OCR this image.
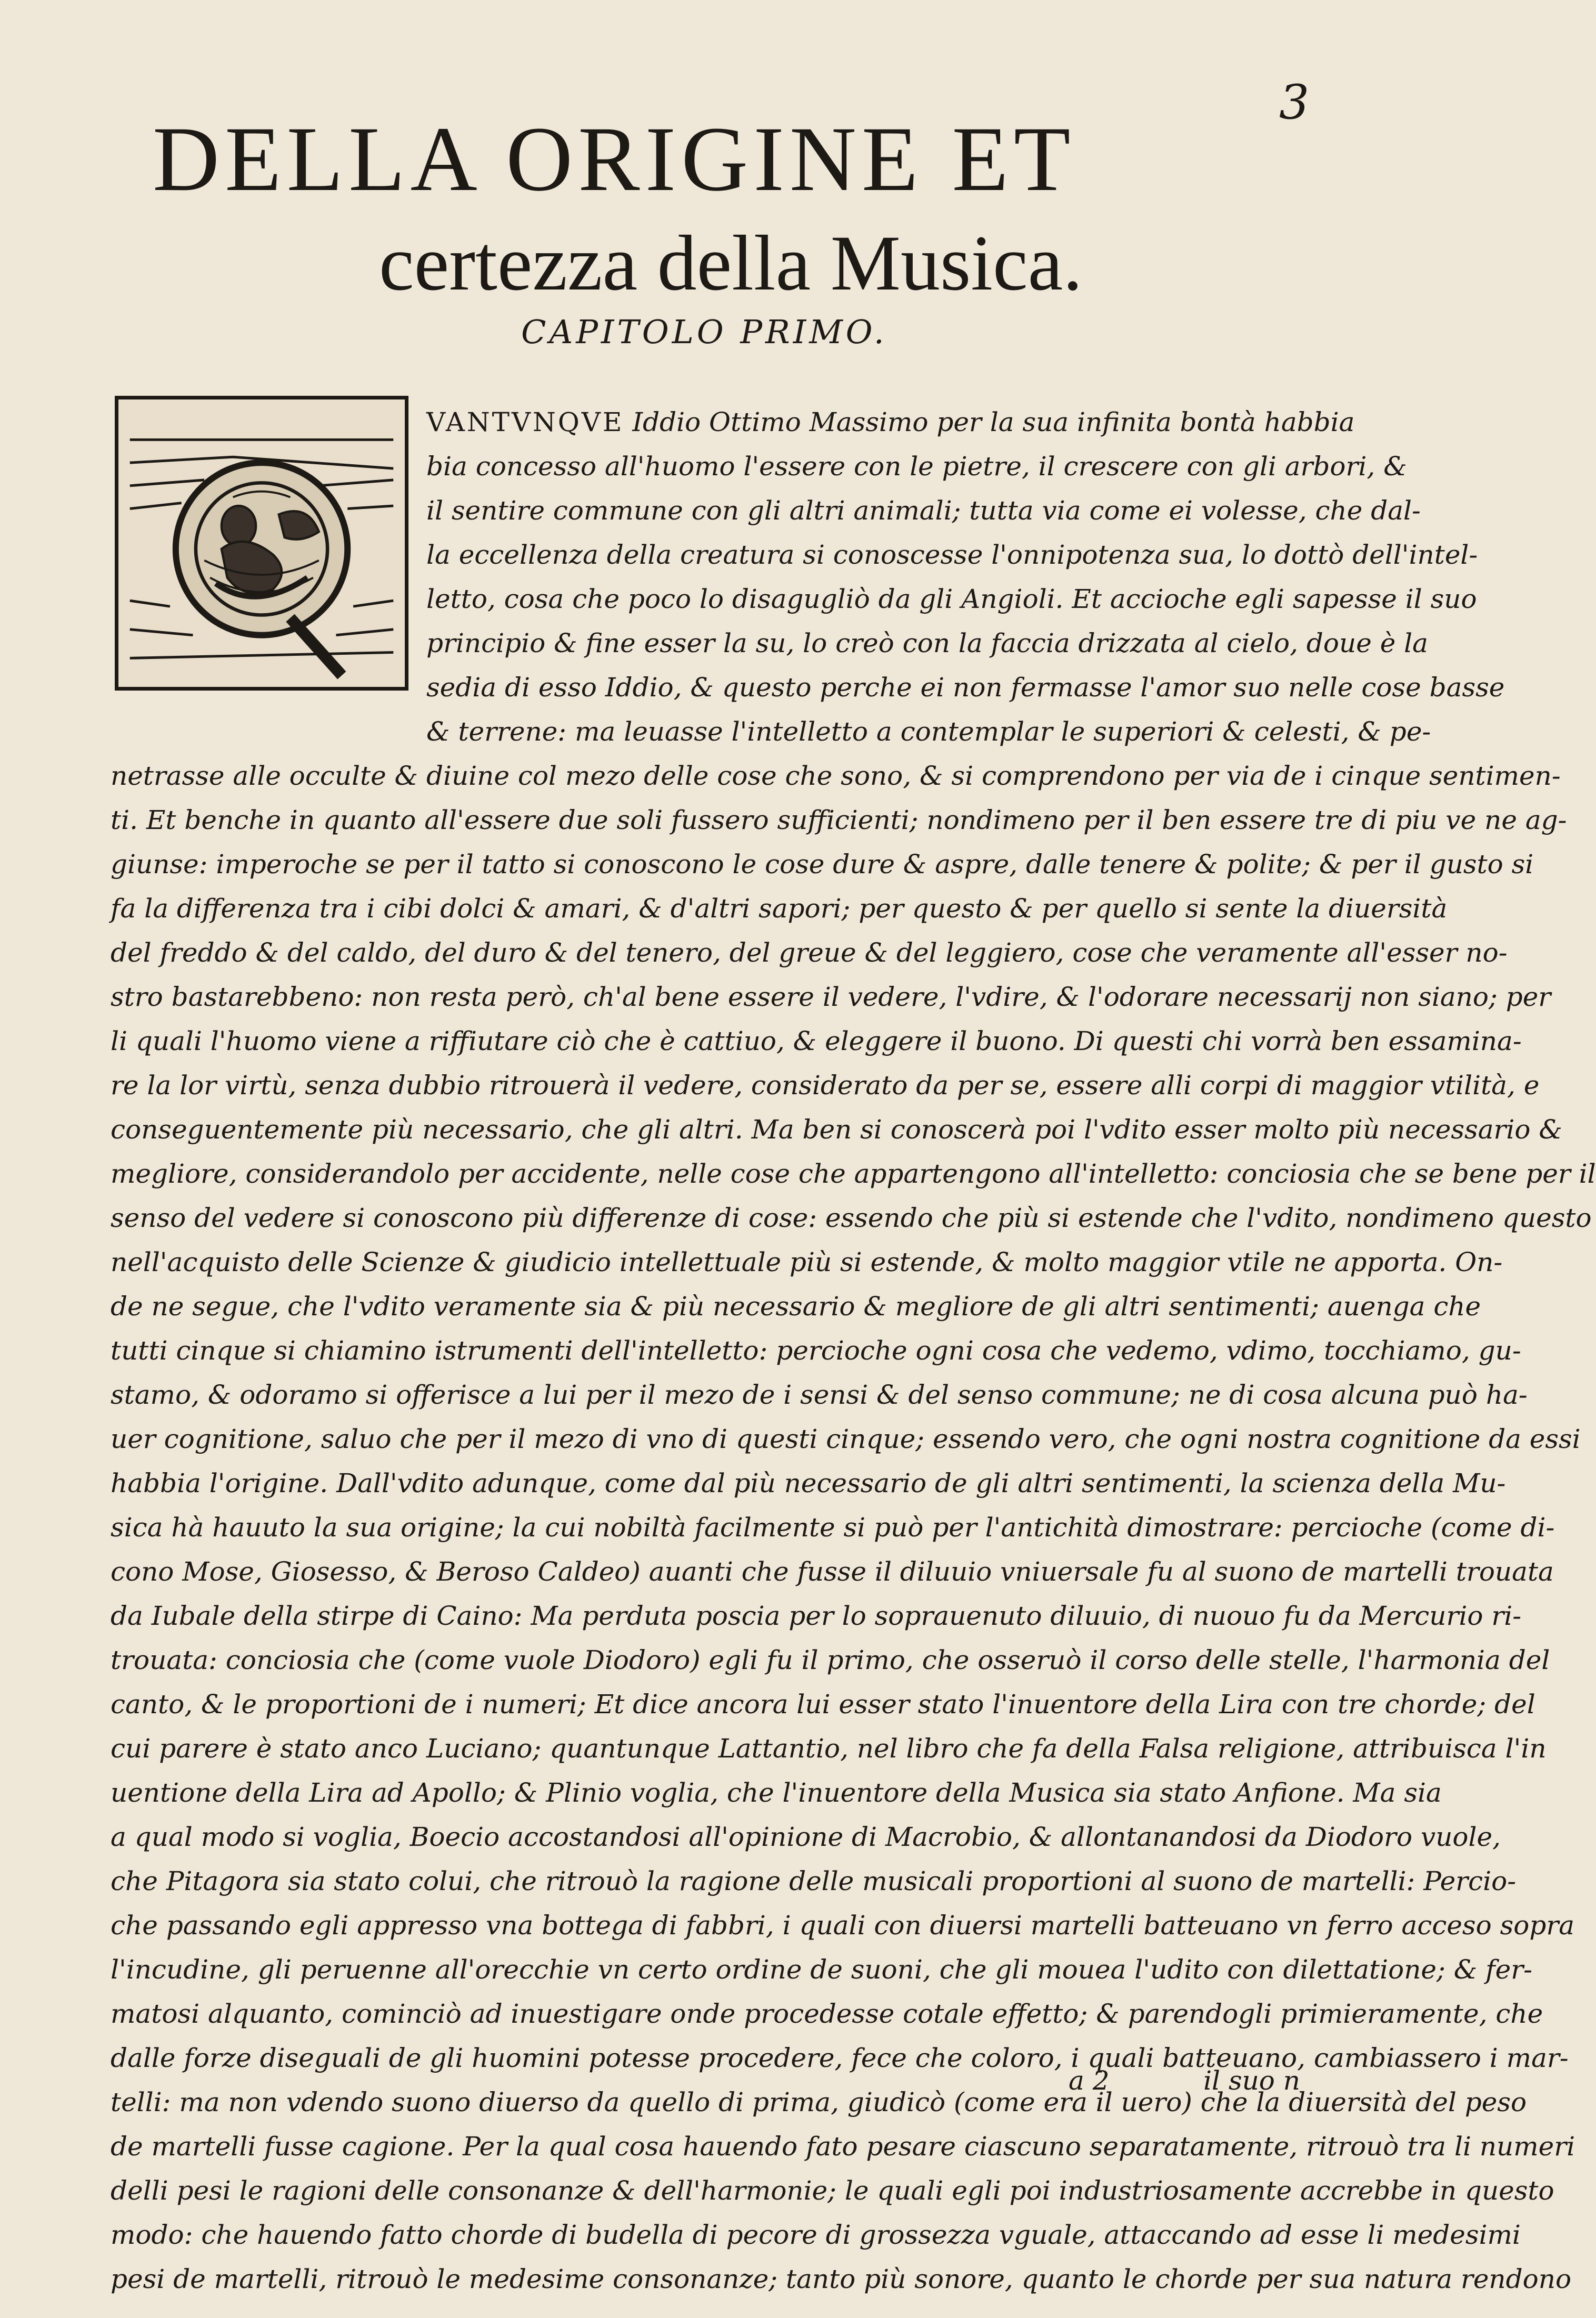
3
DELLA ORIGINE ET
certezza della Musica.
CAPITOLO PRIMO.
VANTVNQVE Iddio Ottimo Massimo per la sua infinita bontà habbia
bia concesso all'huomo l'essere con le pietre, il crescere con gli arbori, &
il sentire commune con gli altri animali; tutta via come ei volesse, che dal-
la eccellenza della creatura si conoscesse l'onnipotenza sua, lo dottò dell'intel-
letto, cosa che poco lo disagugliò da gli Angioli. Et accioche egli sapesse il suo
principio & fine esser la su, lo creò con la faccia drizzata al cielo, doue è la
sedia di esso Iddio, & questo perche ei non fermasse l'amor suo nelle cose basse
& terrene: ma leuasse l'intelletto a contemplar le superiori & celesti, & pe-
netrasse alle occulte & diuine col mezo delle cose che sono, & si comprendono per via de i cinque sentimen-
ti. Et benche in quanto all'essere due soli fussero sufficienti; nondimeno per il ben essere tre di piu ve ne ag-
giunse: imperoche se per il tatto si conoscono le cose dure & aspre, dalle tenere & polite; & per il gusto si
fa la differenza tra i cibi dolci & amari, & d'altri sapori; per questo & per quello si sente la diuersità
del freddo & del caldo, del duro & del tenero, del greue & del leggiero, cose che veramente all'esser no-
stro bastarebbeno: non resta però, ch'al bene essere il vedere, l'vdire, & l'odorare necessarij non siano; per
li quali l'huomo viene a riffiutare ciò che è cattiuo, & eleggere il buono. Di questi chi vorrà ben essamina-
re la lor virtù, senza dubbio ritrouerà il vedere, considerato da per se, essere alli corpi di maggior vtilità, e
conseguentemente più necessario, che gli altri. Ma ben si conoscerà poi l'vdito esser molto più necessario &
megliore, considerandolo per accidente, nelle cose che appartengono all'intelletto: conciosia che se bene per il
senso del vedere si conoscono più differenze di cose: essendo che più si estende che l'vdito, nondimeno questo
nell'acquisto delle Scienze & giudicio intellettuale più si estende, & molto maggior vtile ne apporta. On-
de ne segue, che l'vdito veramente sia & più necessario & megliore de gli altri sentimenti; auenga che
tutti cinque si chiamino istrumenti dell'intelletto: percioche ogni cosa che vedemo, vdimo, tocchiamo, gu-
stamo, & odoramo si offerisce a lui per il mezo de i sensi & del senso commune; ne di cosa alcuna può ha-
uer cognitione, saluo che per il mezo di vno di questi cinque; essendo vero, che ogni nostra cognitione da essi
habbia l'origine. Dall'vdito adunque, come dal più necessario de gli altri sentimenti, la scienza della Mu-
sica hà hauuto la sua origine; la cui nobiltà facilmente si può per l'antichità dimostrare: percioche (come di-
cono Mose, Giosesso, & Beroso Caldeo) auanti che fusse il diluuio vniuersale fu al suono de martelli trouata
da Iubale della stirpe di Caino: Ma perduta poscia per lo soprauenuto diluuio, di nuouo fu da Mercurio ri-
trouata: conciosia che (come vuole Diodoro) egli fu il primo, che osseruò il corso delle stelle, l'harmonia del
canto, & le proportioni de i numeri; Et dice ancora lui esser stato l'inuentore della Lira con tre chorde; del
cui parere è stato anco Luciano; quantunque Lattantio, nel libro che fa della Falsa religione, attribuisca l'in
uentione della Lira ad Apollo; & Plinio voglia, che l'inuentore della Musica sia stato Anfione. Ma sia
a qual modo si voglia, Boecio accostandosi all'opinione di Macrobio, & allontanandosi da Diodoro vuole,
che Pitagora sia stato colui, che ritrouò la ragione delle musicali proportioni al suono de martelli: Percio-
che passando egli appresso vna bottega di fabbri, i quali con diuersi martelli batteuano vn ferro acceso sopra
l'incudine, gli peruenne all'orecchie vn certo ordine de suoni, che gli mouea l'udito con dilettatione; & fer-
matosi alquanto, cominciò ad inuestigare onde procedesse cotale effetto; & parendogli primieramente, che
dalle forze diseguali de gli huomini potesse procedere, fece che coloro, i quali batteuano, cambiassero i mar-
telli: ma non vdendo suono diuerso da quello di prima, giudicò (come era il uero) che la diuersità del peso
de martelli fusse cagione. Per la qual cosa hauendo fato pesare ciascuno separatamente, ritrouò tra li numeri
delli pesi le ragioni delle consonanze & dell'harmonie; le quali egli poi industriosamente accrebbe in questo
modo: che hauendo fatto chorde di budella di pecore di grossezza vguale, attaccando ad esse li medesimi
pesi de martelli, ritrouò le medesime consonanze; tanto più sonore, quanto le chorde per sua natura rendono
a 2	il suo n
